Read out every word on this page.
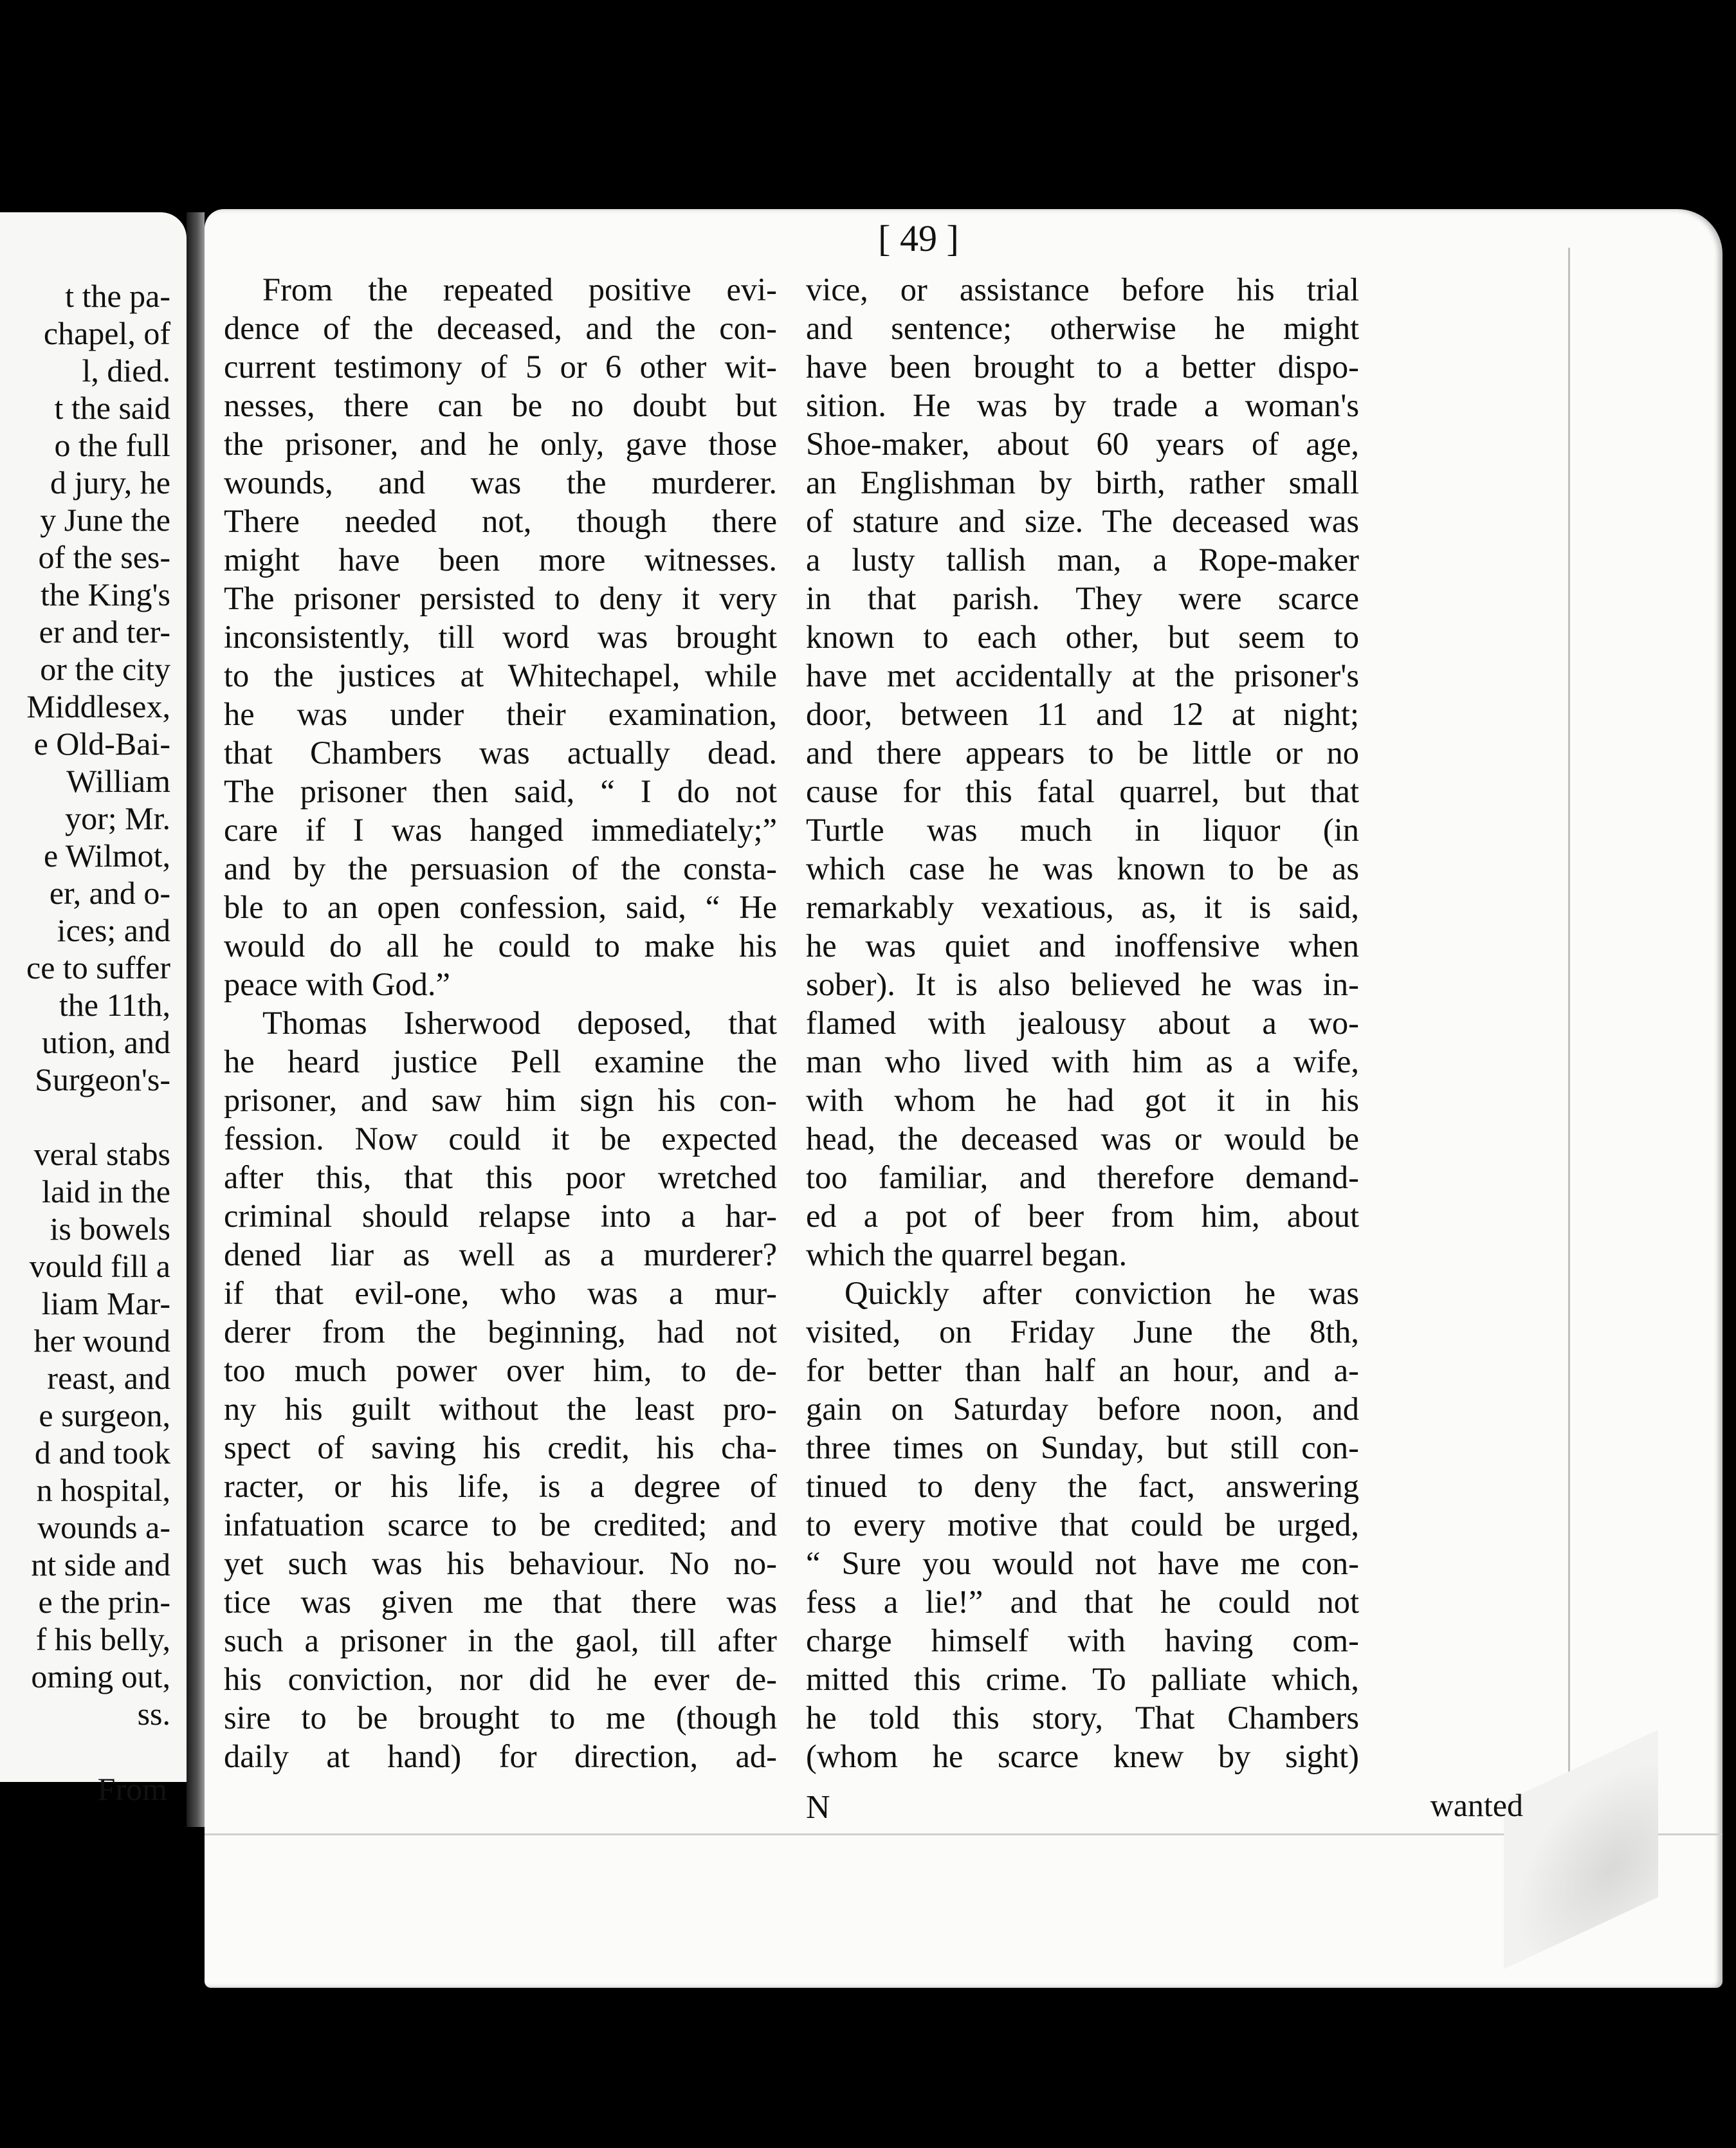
t the pa-
chapel, of
l, died.
t the said
o the full
d jury, he
y June the
of the ses-
the King's
er and ter-
or the city
Middlesex,
e Old-Bai-
William
yor; Mr.
e Wilmot,
er, and o-
ices; and
ce to suffer
the 11th,
ution, and
Surgeon's-
veral stabs
laid in the
is bowels
vould fill a
liam Mar-
her wound
reast, and
e surgeon,
d and took
n hospital,
wounds a-
nt side and
e the prin-
f his belly,
oming out,
ss.
From
[ 49 ]
From the repeated positive evi-
dence of the deceased, and the con-
current testimony of 5 or 6 other wit-
nesses, there can be no doubt but
the prisoner, and he only, gave those
wounds, and was the murderer.
There needed not, though there
might have been more witnesses.
The prisoner persisted to deny it very
inconsistently, till word was brought
to the justices at Whitechapel, while
he was under their examination,
that Chambers was actually dead.
The prisoner then said, “ I do not
care if I was hanged immediately;”
and by the persuasion of the consta-
ble to an open confession, said, “ He
would do all he could to make his
peace with God.”
Thomas Isherwood deposed, that
he heard justice Pell examine the
prisoner, and saw him sign his con-
fession. Now could it be expected
after this, that this poor wretched
criminal should relapse into a har-
dened liar as well as a murderer?
if that evil-one, who was a mur-
derer from the beginning, had not
too much power over him, to de-
ny his guilt without the least pro-
spect of saving his credit, his cha-
racter, or his life, is a degree of
infatuation scarce to be credited; and
yet such was his behaviour. No no-
tice was given me that there was
such a prisoner in the gaol, till after
his conviction, nor did he ever de-
sire to be brought to me (though
daily at hand) for direction, ad-
vice, or assistance before his trial
and sentence; otherwise he might
have been brought to a better dispo-
sition. He was by trade a woman's
Shoe-maker, about 60 years of age,
an Englishman by birth, rather small
of stature and size. The deceased was
a lusty tallish man, a Rope-maker
in that parish. They were scarce
known to each other, but seem to
have met accidentally at the prisoner's
door, between 11 and 12 at night;
and there appears to be little or no
cause for this fatal quarrel, but that
Turtle was much in liquor (in
which case he was known to be as
remarkably vexatious, as, it is said,
he was quiet and inoffensive when
sober). It is also believed he was in-
flamed with jealousy about a wo-
man who lived with him as a wife,
with whom he had got it in his
head, the deceased was or would be
too familiar, and therefore demand-
ed a pot of beer from him, about
which the quarrel began.
Quickly after conviction he was
visited, on Friday June the 8th,
for better than half an hour, and a-
gain on Saturday before noon, and
three times on Sunday, but still con-
tinued to deny the fact, answering
to every motive that could be urged,
“ Sure you would not have me con-
fess a lie!” and that he could not
charge himself with having com-
mitted this crime. To palliate which,
he told this story, That Chambers
(whom he scarce knew by sight)
N	wanted
